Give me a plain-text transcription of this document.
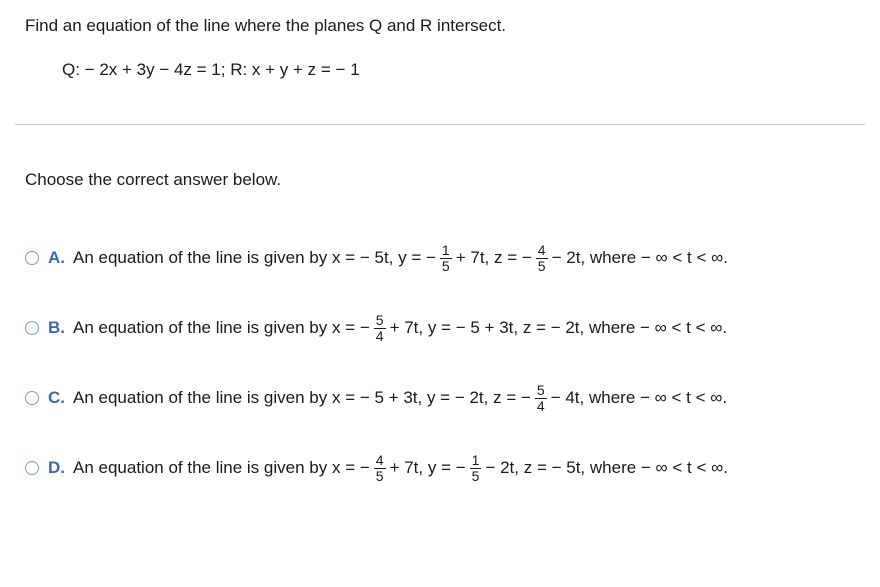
Find an equation of the line where the planes Q and R intersect.
Q: − 2x + 3y − 4z = 1; R: x + y + z = − 1
Choose the correct answer below.
A. An equation of the line is given by
x = − 5t, y = − $\frac{1}{5} + 7t$, z = − $\frac{4}{5} - 2t$, where − ∞ < t < ∞.
B. An equation of the line is given by
x = − $\frac{5}{4} + 7t$, y = − 5 + 3t, z = − 2t, where − ∞ < t < ∞.
C. An equation of the line is given by
x = − 5 + 3t, y = − 2t, z = − $\frac{5}{4} - 4t$, where − ∞ < t < ∞.
D. An equation of the line is given by
x = − $\frac{4}{5} + 7t$, y = − $\frac{1}{5} - 2t$, z = − 5t, where − ∞ < t < ∞.
